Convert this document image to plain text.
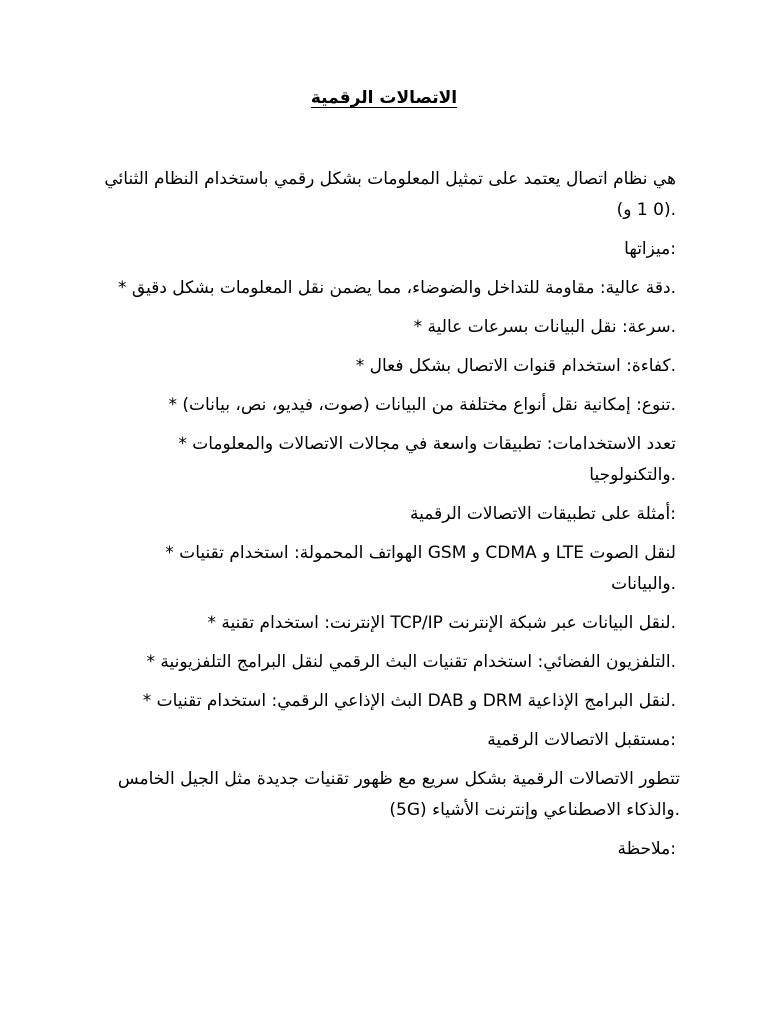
الاتصالات الرقمية
هي نظام اتصال يعتمد على تمثيل المعلومات بشكل رقمي باستخدام النظام الثنائي
.(0 1 و)
:ميزاتها
.دقة عالية: مقاومة للتداخل والضوضاء، مما يضمن نقل المعلومات بشكل دقيق *
.سرعة: نقل البيانات بسرعات عالية *
.كفاءة: استخدام قنوات الاتصال بشكل فعال *
.تنوع: إمكانية نقل أنواع مختلفة من البيانات (صوت، فيديو، نص، بيانات) *
تعدد الاستخدامات: تطبيقات واسعة في مجالات الاتصالات والمعلومات *
.والتكنولوجيا
:أمثلة على تطبيقات الاتصالات الرقمية
لنقل الصوت LTE و CDMA و GSM الهواتف المحمولة: استخدام تقنيات *
.والبيانات
.لنقل البيانات عبر شبكة الإنترنت TCP/IP الإنترنت: استخدام تقنية *
.التلفزيون الفضائي: استخدام تقنيات البث الرقمي لنقل البرامج التلفزيونية *
.لنقل البرامج الإذاعية DRM و DAB البث الإذاعي الرقمي: استخدام تقنيات *
:مستقبل الاتصالات الرقمية
تتطور الاتصالات الرقمية بشكل سريع مع ظهور تقنيات جديدة مثل الجيل الخامس
.والذكاء الاصطناعي وإنترنت الأشياء (5G)
:ملاحظة
